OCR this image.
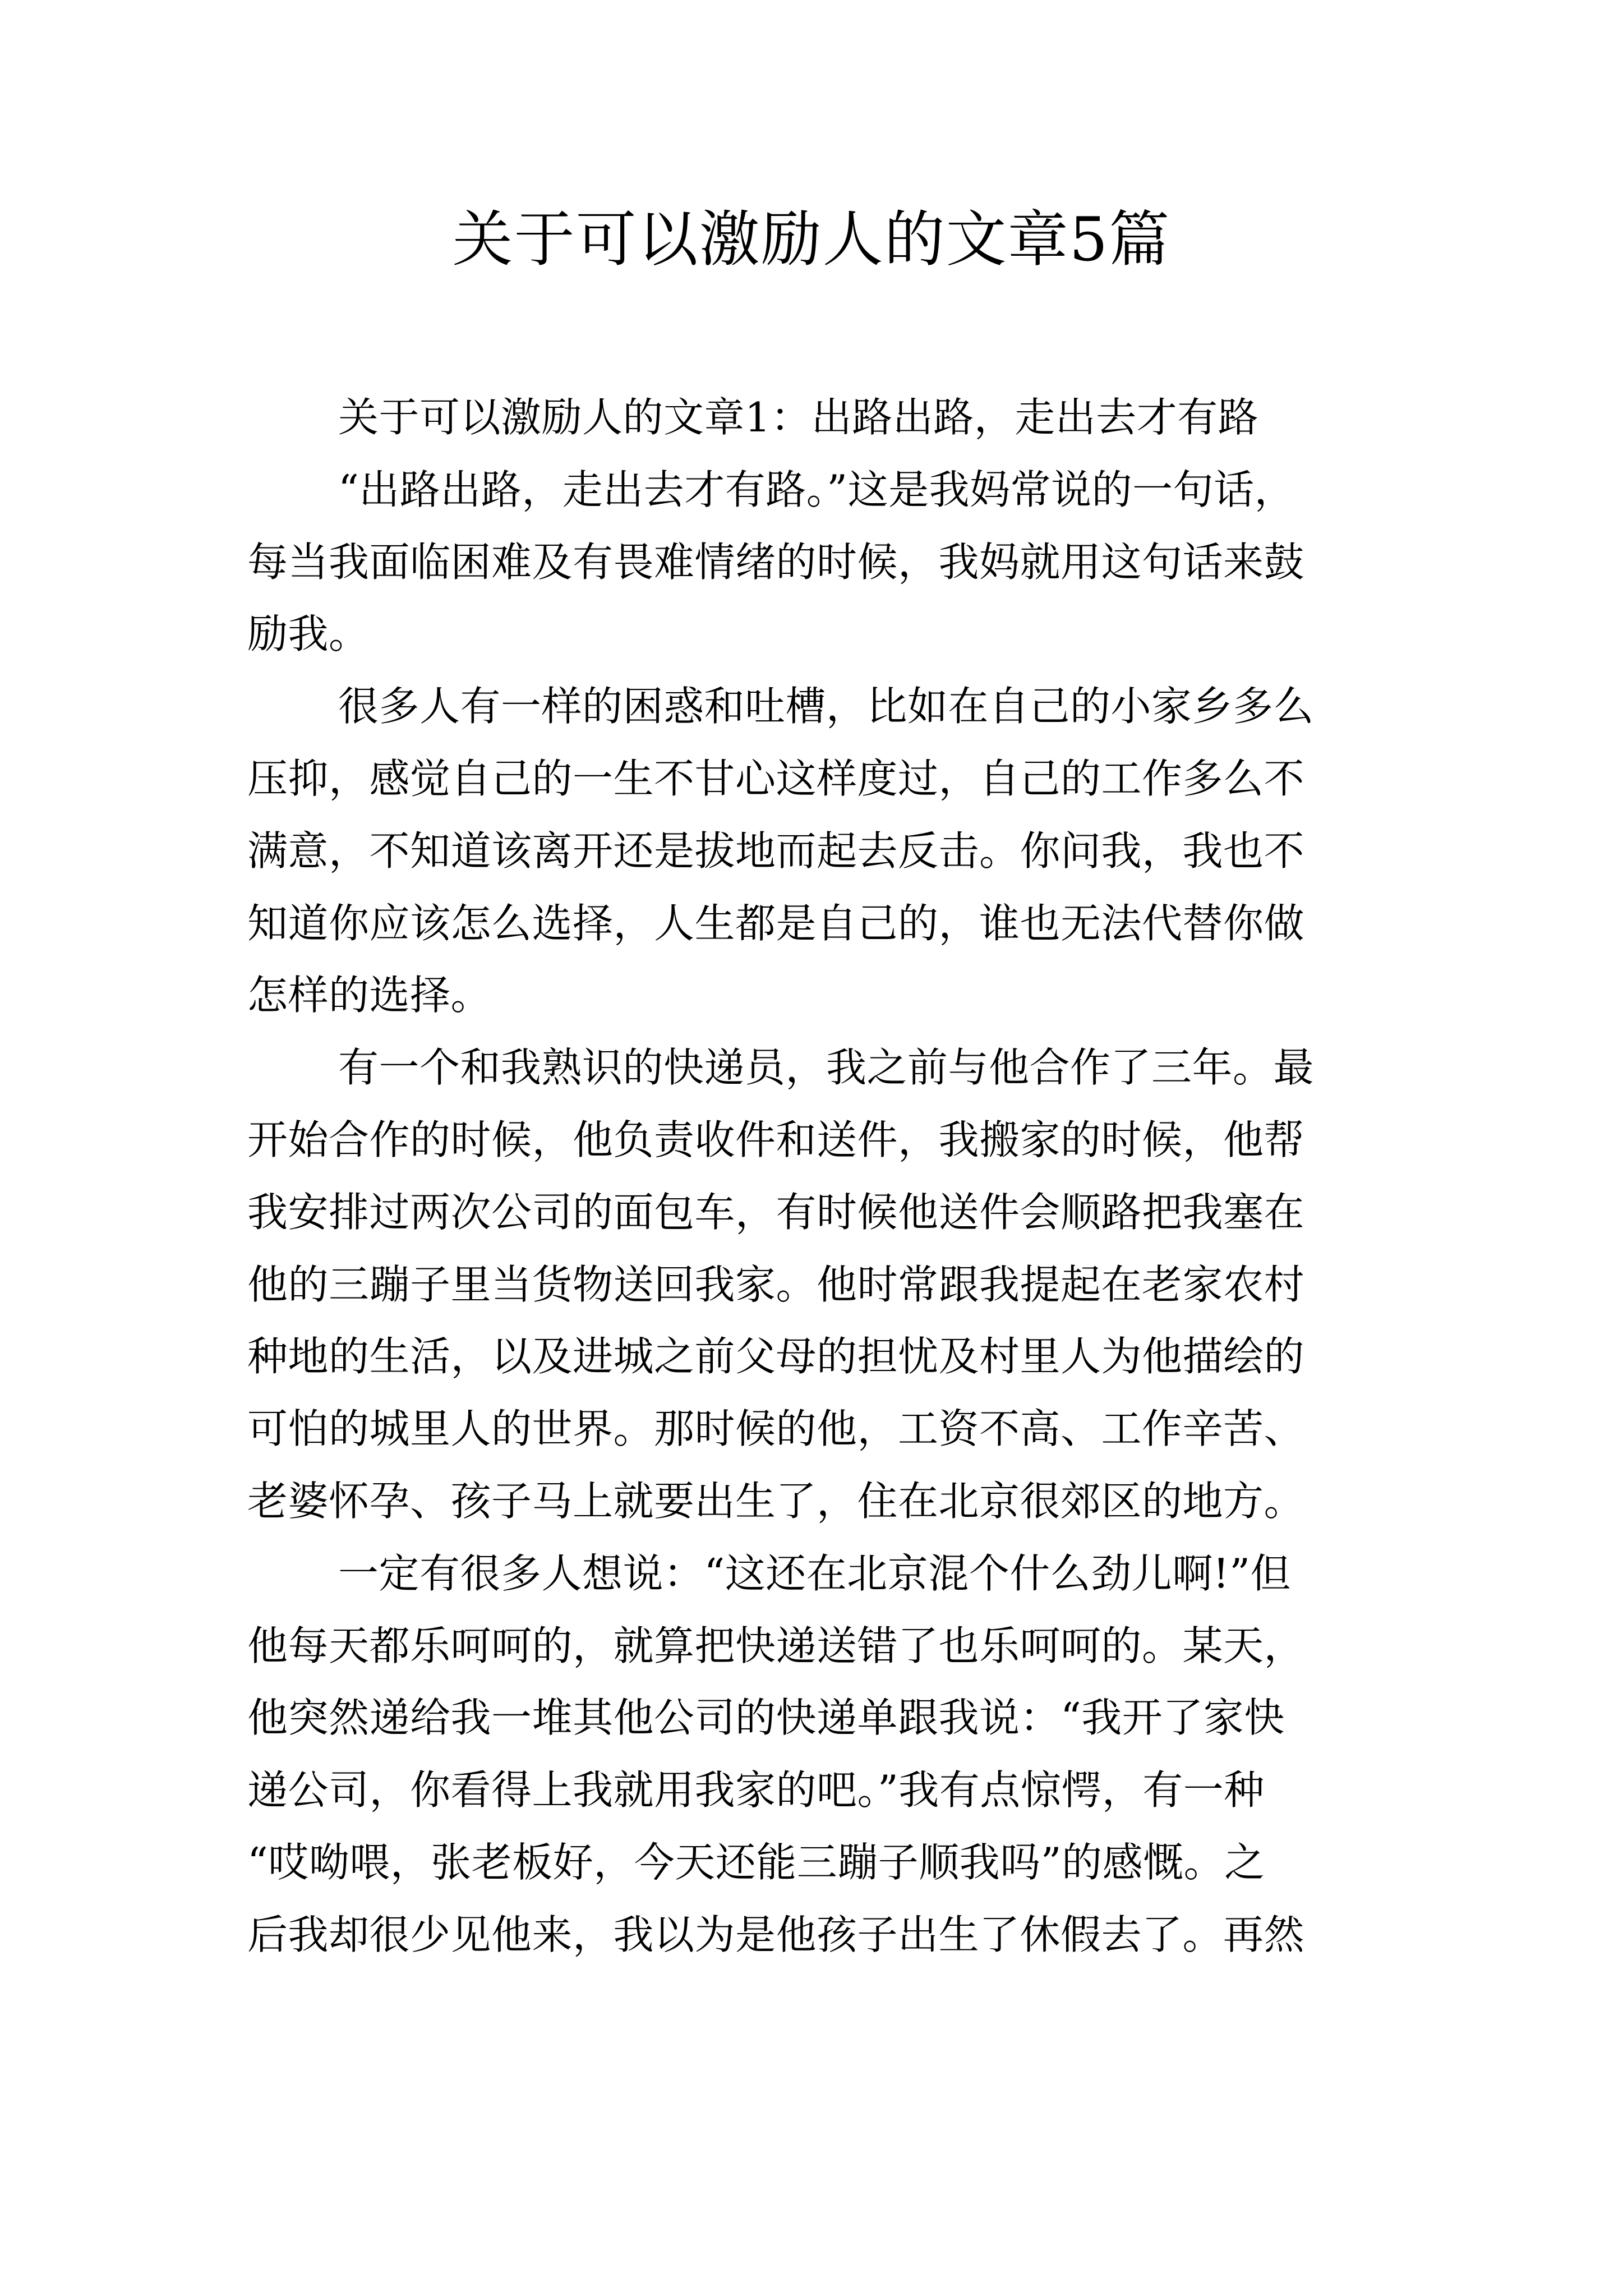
关于可以激励人的文章5篇
关于可以激励人的文章1：出路出路，走出去才有路
“出路出路，走出去才有路。”这是我妈常说的一句话，
每当我面临困难及有畏难情绪的时候，我妈就用这句话来鼓
励我。
很多人有一样的困惑和吐槽，比如在自己的小家乡多么
压抑，感觉自己的一生不甘心这样度过，自己的工作多么不
满意，不知道该离开还是拔地而起去反击。你问我，我也不
知道你应该怎么选择，人生都是自己的，谁也无法代替你做
怎样的选择。
有一个和我熟识的快递员，我之前与他合作了三年。最
开始合作的时候，他负责收件和送件，我搬家的时候，他帮
我安排过两次公司的面包车，有时候他送件会顺路把我塞在
他的三蹦子里当货物送回我家。他时常跟我提起在老家农村
种地的生活，以及进城之前父母的担忧及村里人为他描绘的
可怕的城里人的世界。那时候的他，工资不高、工作辛苦、
老婆怀孕、孩子马上就要出生了，住在北京很郊区的地方。
一定有很多人想说：“这还在北京混个什么劲儿啊!”但
他每天都乐呵呵的，就算把快递送错了也乐呵呵的。某天，
他突然递给我一堆其他公司的快递单跟我说：“我开了家快
递公司，你看得上我就用我家的吧。”我有点惊愕，有一种
“哎呦喂，张老板好，今天还能三蹦子顺我吗”的感慨。之
后我却很少见他来，我以为是他孩子出生了休假去了。再然
